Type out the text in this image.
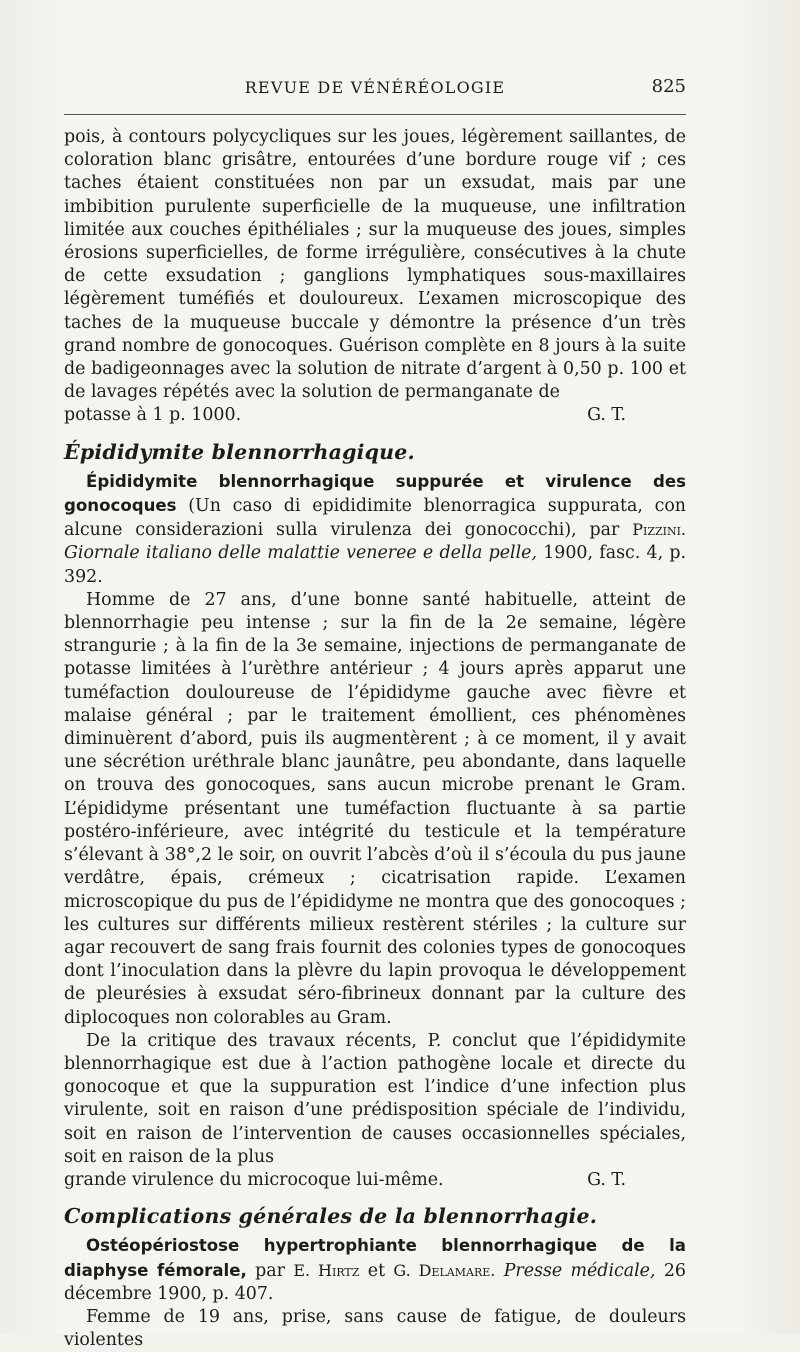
REVUE DE VÉNÉRÉOLOGIE	825

pois, à contours polycycliques sur les joues, légèrement saillantes, de coloration blanc grisâtre, entourées d’une bordure rouge vif ; ces taches étaient constituées non par un exsudat, mais par une imbibition purulente superficielle de la muqueuse, une infiltration limitée aux couches épithéliales ; sur la muqueuse des joues, simples érosions superficielles, de forme irrégulière, consécutives à la chute de cette exsudation ; ganglions lymphatiques sous-maxillaires légèrement tuméfiés et douloureux. L’examen microscopique des taches de la muqueuse buccale y démontre la présence d’un très grand nombre de gonocoques. Guérison complète en 8 jours à la suite de badigeonnages avec la solution de nitrate d’argent à 0,50 p. 100 et de lavages répétés avec la solution de permanganate de

potasse à 1 p. 1000.	G. T.

Épididymite blennorrhagique.

Épididymite blennorrhagique suppurée et virulence des gonocoques (Un caso di epididimite blenorragica suppurata, con alcune considerazioni sulla virulenza dei gonococchi), par Pizzini. Giornale italiano delle malattie veneree e della pelle, 1900, fasc. 4, p. 392.

Homme de 27 ans, d’une bonne santé habituelle, atteint de blennorrhagie peu intense ; sur la fin de la 2e semaine, légère strangurie ; à la fin de la 3e semaine, injections de permanganate de potasse limitées à l’urèthre antérieur ; 4 jours après apparut une tuméfaction douloureuse de l’épididyme gauche avec fièvre et malaise général ; par le traitement émollient, ces phénomènes diminuèrent d’abord, puis ils augmentèrent ; à ce moment, il y avait une sécrétion uréthrale blanc jaunâtre, peu abondante, dans laquelle on trouva des gonocoques, sans aucun microbe prenant le Gram. L’épididyme présentant une tuméfaction fluctuante à sa partie postéro-inférieure, avec intégrité du testicule et la température s’élevant à 38°,2 le soir, on ouvrit l’abcès d’où il s’écoula du pus jaune verdâtre, épais, crémeux ; cicatrisation rapide. L’examen microscopique du pus de l’épididyme ne montra que des gonocoques ; les cultures sur différents milieux restèrent stériles ; la culture sur agar recouvert de sang frais fournit des colonies types de gonocoques dont l’inoculation dans la plèvre du lapin provoqua le développement de pleurésies à exsudat séro-fibrineux donnant par la culture des diplocoques non colorables au Gram.

De la critique des travaux récents, P. conclut que l’épididymite blennorrhagique est due à l’action pathogène locale et directe du gonocoque et que la suppuration est l’indice d’une infection plus virulente, soit en raison d’une prédisposition spéciale de l’individu, soit en raison de l’intervention de causes occasionnelles spéciales, soit en raison de la plus

grande virulence du microcoque lui-même.	G. T.

Complications générales de la blennorrhagie.

Ostéopériostose hypertrophiante blennorrhagique de la diaphyse fémorale, par E. Hirtz et G. Delamare. Presse médicale, 26 décembre 1900, p. 407.

Femme de 19 ans, prise, sans cause de fatigue, de douleurs violentes
